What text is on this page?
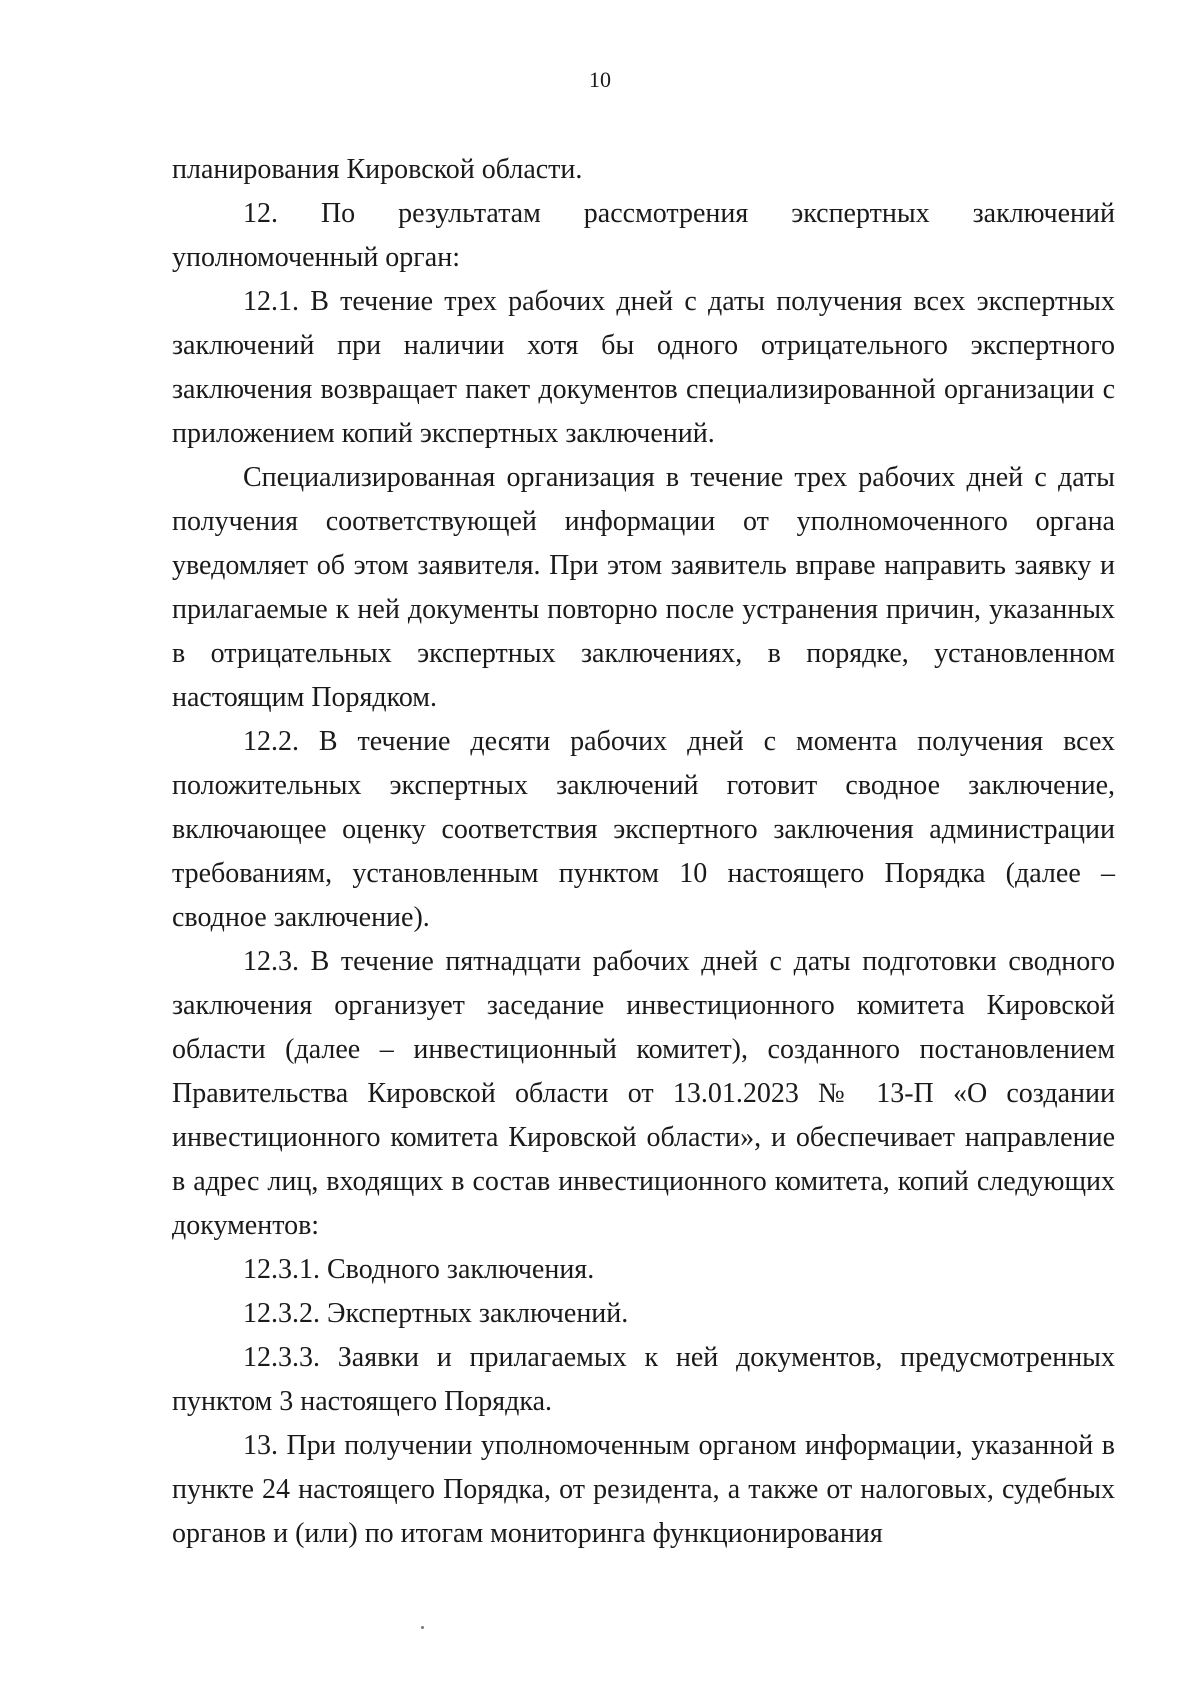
10

планирования Кировской области.

12. По результатам рассмотрения экспертных заключений уполномоченный орган:

12.1. В течение трех рабочих дней с даты получения всех экспертных заключений при наличии хотя бы одного отрицательного экспертного заключения возвращает пакет документов специализированной организации с приложением копий экспертных заключений.

Специализированная организация в течение трех рабочих дней с даты получения соответствующей информации от уполномоченного органа уведомляет об этом заявителя. При этом заявитель вправе направить заявку и прилагаемые к ней документы повторно после устранения причин, указанных в отрицательных экспертных заключениях, в порядке, установленном настоящим Порядком.

12.2. В течение десяти рабочих дней с момента получения всех положительных экспертных заключений готовит сводное заключение, включающее оценку соответствия экспертного заключения администрации требованиям, установленным пунктом 10 настоящего Порядка (далее – сводное заключение).

12.3. В течение пятнадцати рабочих дней с даты подготовки сводного заключения организует заседание инвестиционного комитета Кировской области (далее – инвестиционный комитет), созданного постановлением Правительства Кировской области от 13.01.2023 № 13-П «О создании инвестиционного комитета Кировской области», и обеспечивает направление в адрес лиц, входящих в состав инвестиционного комитета, копий следующих документов:

12.3.1. Сводного заключения.

12.3.2. Экспертных заключений.

12.3.3. Заявки и прилагаемых к ней документов, предусмотренных пунктом 3 настоящего Порядка.

13. При получении уполномоченным органом информации, указанной в пункте 24 настоящего Порядка, от резидента, а также от налоговых, судебных органов и (или) по итогам мониторинга функционирования
